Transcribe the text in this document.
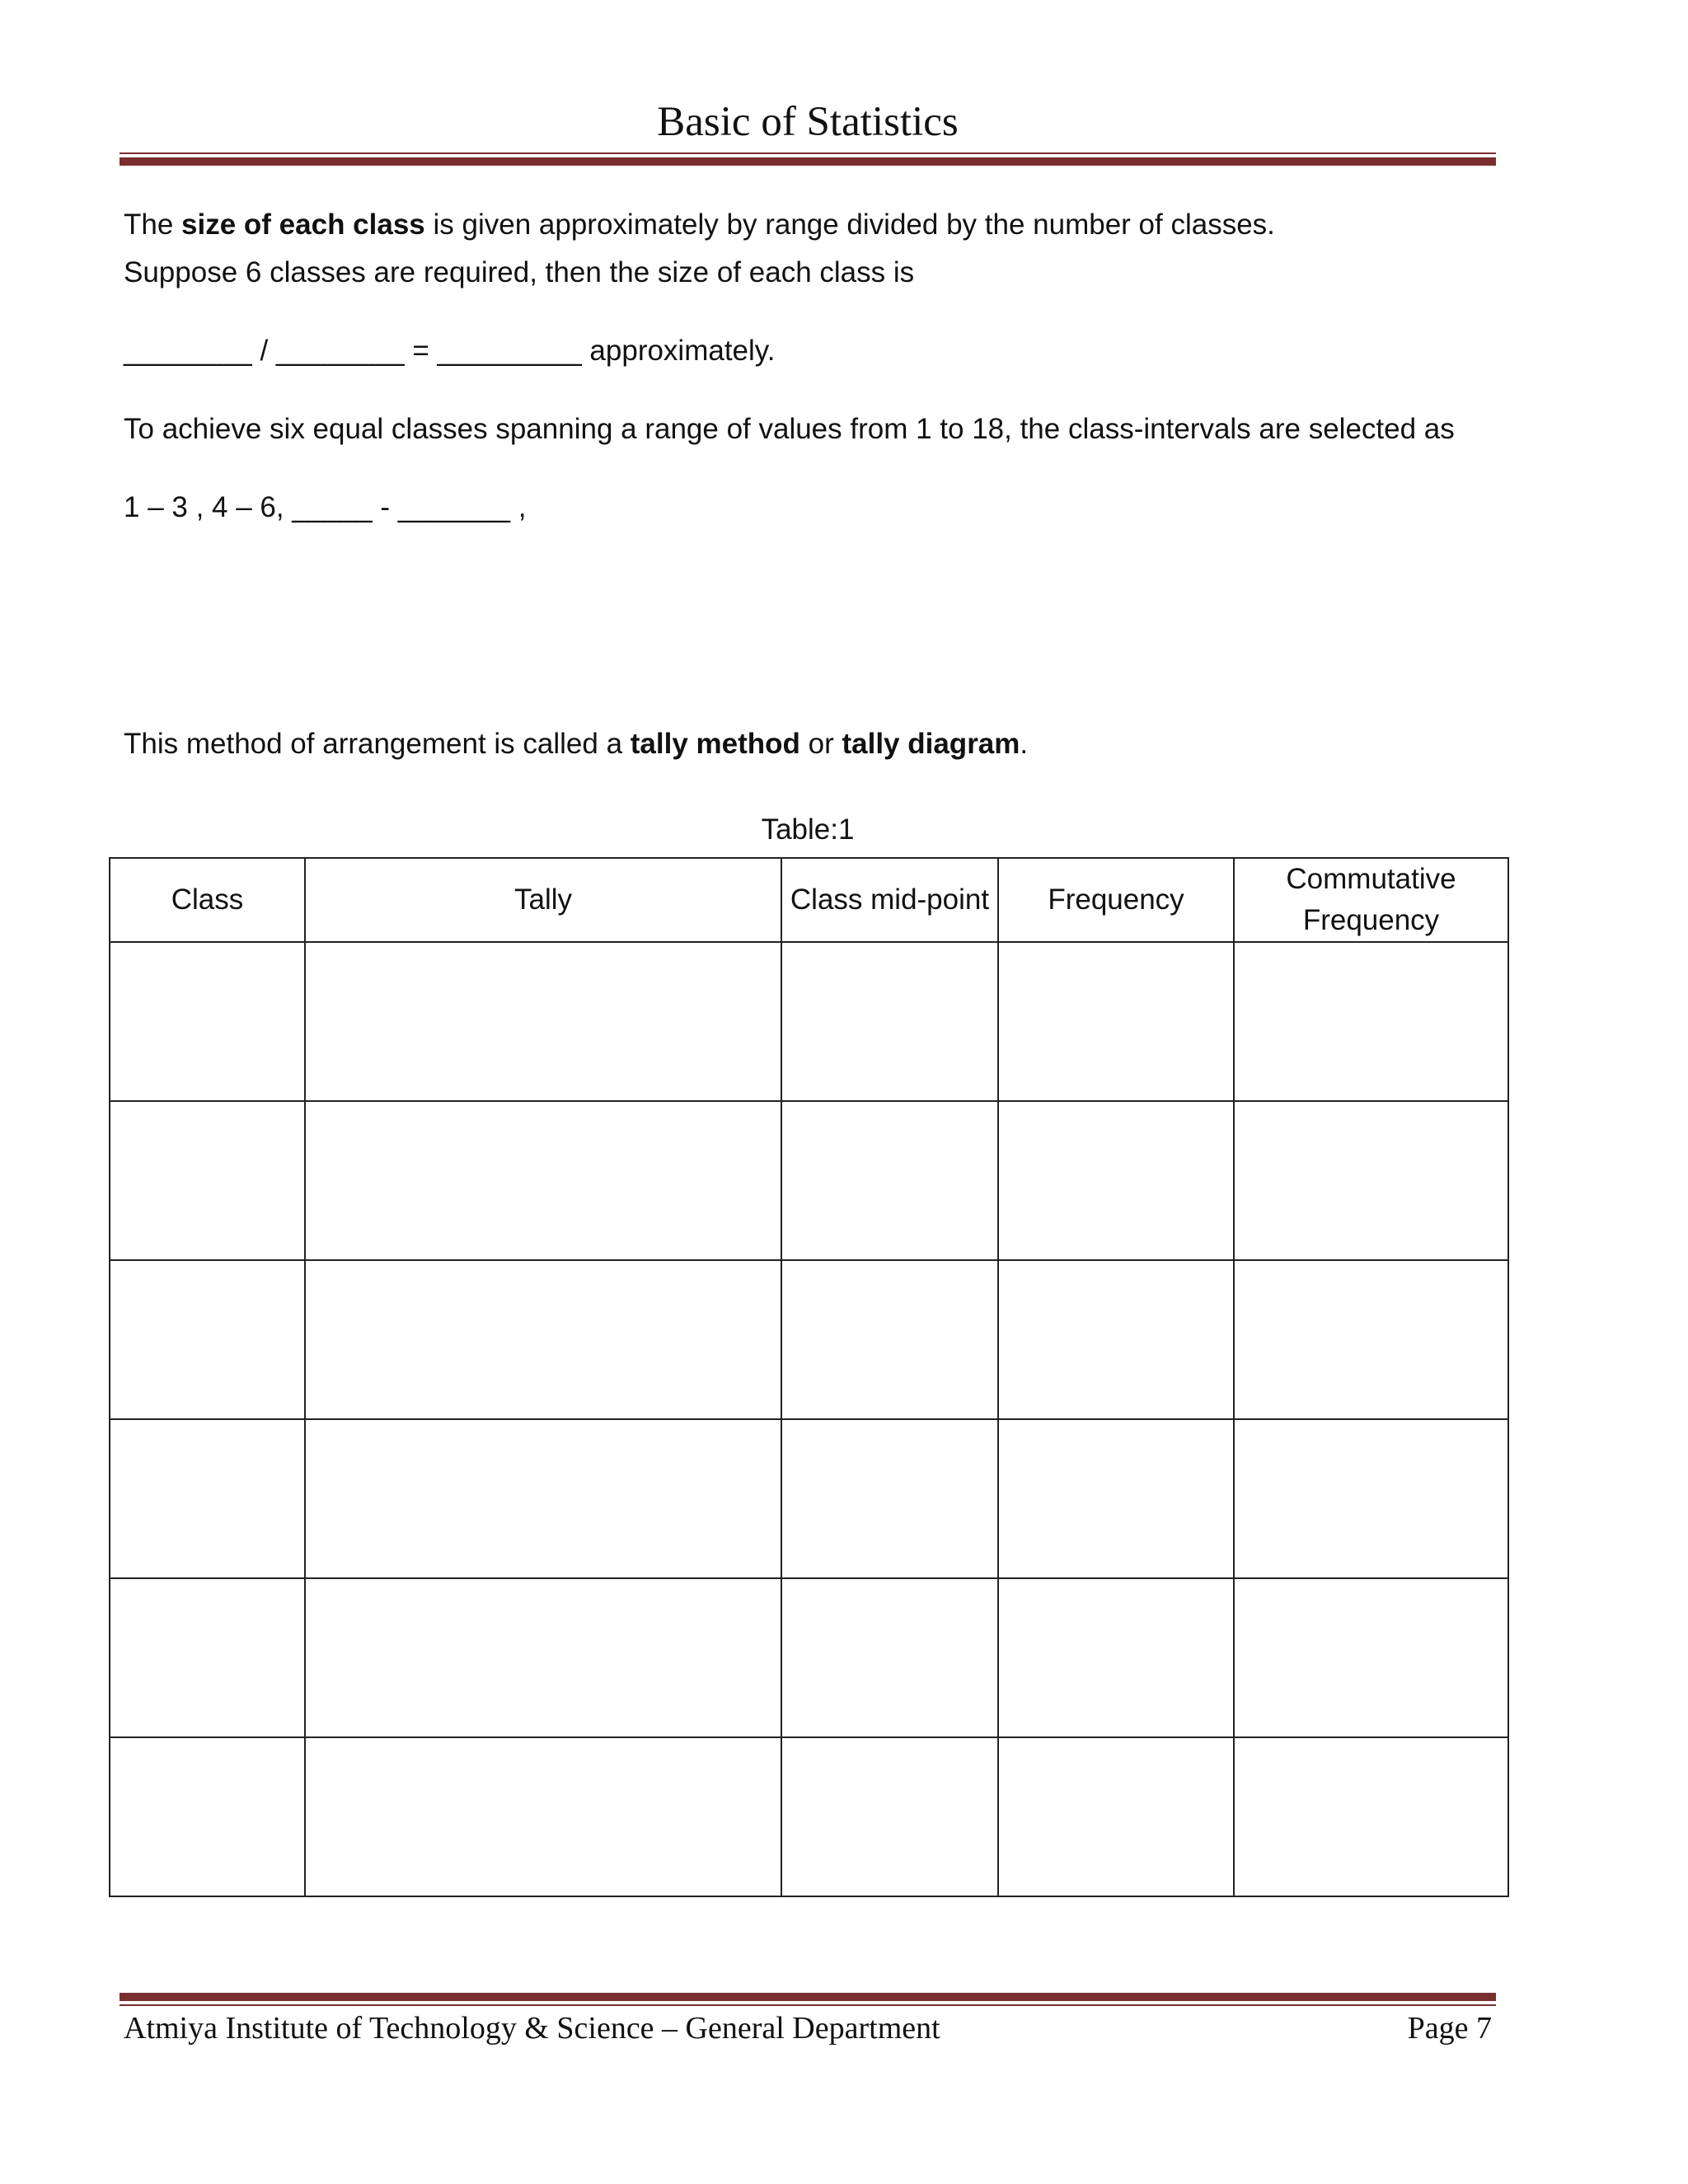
Basic of Statistics
The size of each class is given approximately by range divided by the number of classes.
Suppose 6 classes are required, then the size of each class is
________ / ________ = _________ approximately.
To achieve six equal classes spanning a range of values from 1 to 18, the class-intervals are selected as
1 – 3 , 4 – 6, _____ - _______ ,
This method of arrangement is called a tally method or tally diagram.
Table:1
Class	Tally	Class mid-point	Frequency	Commutative Frequency

Atmiya Institute of Technology & Science – General Department	Page 7
